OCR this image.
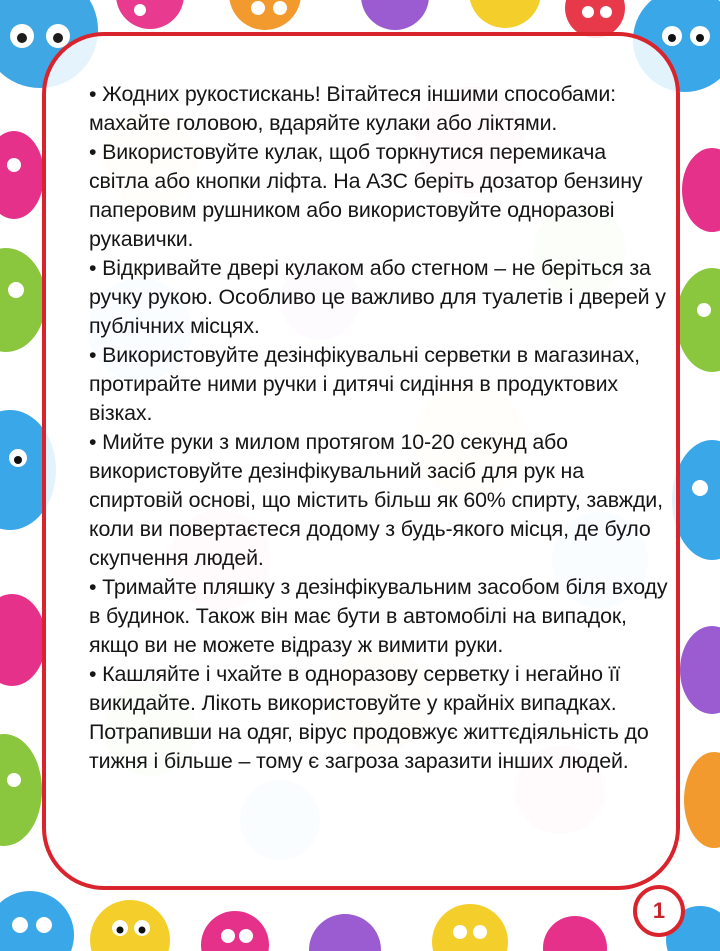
• Жодних рукостискань! Вітайтеся іншими способами: махайте головою, вдаряйте кулаки або ліктями.

• Використовуйте кулак, щоб торкнутися перемикача світла або кнопки ліфта. На АЗС беріть дозатор бензину паперовим рушником або використовуйте одноразові рукавички.

• Відкривайте двері кулаком або стегном – не беріться за ручку рукою. Особливо це важливо для туалетів і дверей у публічних місцях.

• Використовуйте дезінфікувальні серветки в магазинах, протирайте ними ручки і дитячі сидіння в продуктових візках.

• Мийте руки з милом протягом 10-20 секунд або використовуйте дезінфікувальний засіб для рук на спиртовій основі, що містить більш як 60% спирту, завжди, коли ви повертаєтеся додому з будь-якого місця, де було скупчення людей.

• Тримайте пляшку з дезінфікувальним засобом біля входу в будинок. Також він має бути в автомобілі на випадок, якщо ви не можете відразу ж вимити руки.

• Кашляйте і чхайте в одноразову серветку і негайно її викидайте. Лікоть використовуйте у крайніх випадках. Потрапивши на одяг, вірус продовжує життєдіяльність до тижня і більше – тому є загроза заразити інших людей.

1
